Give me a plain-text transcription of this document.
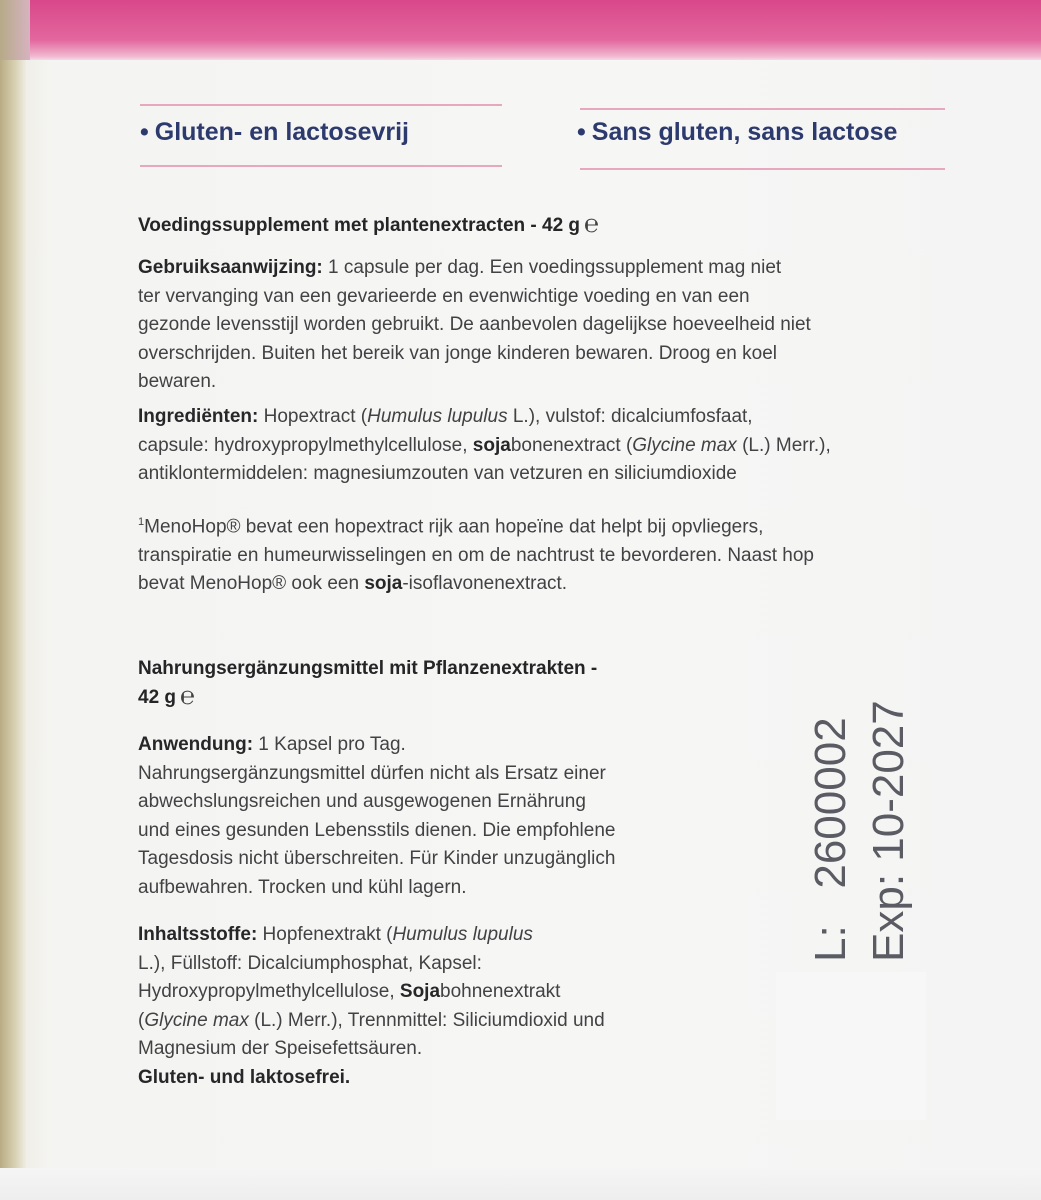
• Gluten- en lactosevrij	• Sans gluten, sans lactose
Voedingssupplement met plantenextracten - 42 g ℮
Gebruiksaanwijzing: 1 capsule per dag. Een voedingssupplement mag niet
ter vervanging van een gevarieerde en evenwichtige voeding en van een
gezonde levensstijl worden gebruikt. De aanbevolen dagelijkse hoeveelheid niet
overschrijden. Buiten het bereik van jonge kinderen bewaren. Droog en koel
bewaren.
Ingrediënten: Hopextract (Humulus lupulus L.), vulstof: dicalciumfosfaat,
capsule: hydroxypropylmethylcellulose, sojabonenextract (Glycine max (L.) Merr.),
antiklontermiddelen: magnesiumzouten van vetzuren en siliciumdioxide
$^1$MenoHop® bevat een hopextract rijk aan hopeïne dat helpt bij opvliegers,
transpiratie en humeurwisselingen en om de nachtrust te bevorderen. Naast hop
bevat MenoHop® ook een soja-isoflavonenextract.
Nahrungsergänzungsmittel mit Pflanzenextrakten -
42 g ℮
Anwendung: 1 Kapsel pro Tag.
Nahrungsergänzungsmittel dürfen nicht als Ersatz einer
abwechslungsreichen und ausgewogenen Ernährung
und eines gesunden Lebensstils dienen. Die empfohlene
Tagesdosis nicht überschreiten. Für Kinder unzugänglich
aufbewahren. Trocken und kühl lagern.
Inhaltsstoffe: Hopfenextrakt (Humulus lupulus
L.), Füllstoff: Dicalciumphosphat, Kapsel:
Hydroxypropylmethylcellulose, Sojabohnenextrakt
(Glycine max (L.) Merr.), Trennmittel: Siliciumdioxid und
Magnesium der Speisefettsäuren.
Gluten- und laktosefrei.
L:   2600002 Exp: 10-2027
